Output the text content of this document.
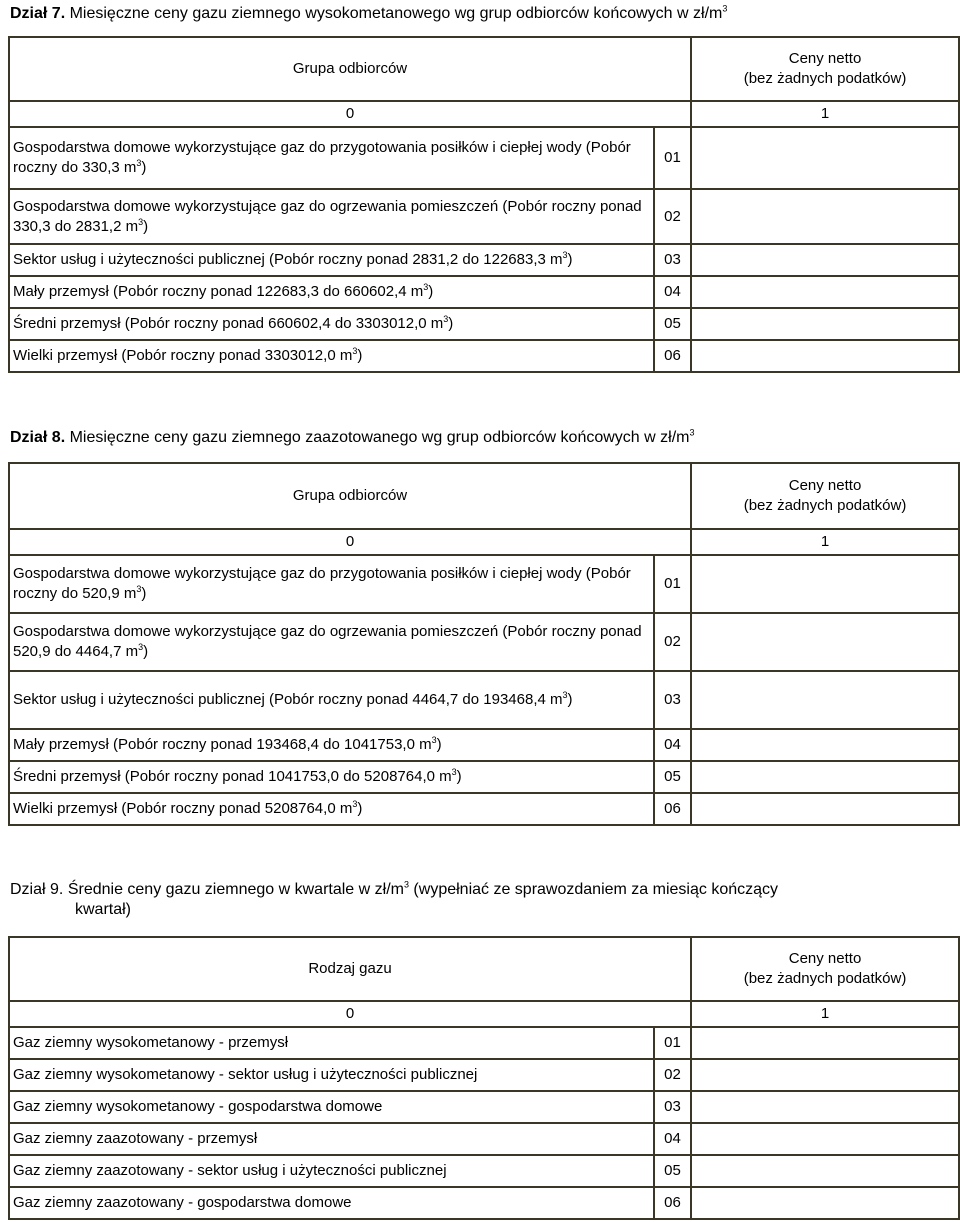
Dział 7. Miesięczne ceny gazu ziemnego wysokometanowego wg grup odbiorców końcowych w $zł/m^3$
Grupa odbiorców		Ceny netto
(bez żadnych podatków)

0		1
Gospodarstwa domowe wykorzystujące gaz do przygotowania posiłków i ciepłej wody (Pobór roczny do 330,3 $m^3$)	01	
Gospodarstwa domowe wykorzystujące gaz do ogrzewania pomieszczeń (Pobór roczny ponad 330,3 do 2831,2 $m^3$)	02	
Sektor usług i użyteczności publicznej (Pobór roczny ponad 2831,2 do 122683,3 $m^3$)	03	
Mały przemysł (Pobór roczny ponad 122683,3 do 660602,4 $m^3$)	04	
Średni przemysł (Pobór roczny ponad 660602,4 do 3303012,0 $m^3$)	05	
Wielki przemysł (Pobór roczny ponad 3303012,0 $m^3$)	06	
Dział 8. Miesięczne ceny gazu ziemnego zaazotowanego wg grup odbiorców końcowych w $zł/m^3$
Grupa odbiorców		Ceny netto
(bez żadnych podatków)

0		1
Gospodarstwa domowe wykorzystujące gaz do przygotowania posiłków i ciepłej wody (Pobór roczny do 520,9 $m^3$)	01	
Gospodarstwa domowe wykorzystujące gaz do ogrzewania pomieszczeń (Pobór roczny ponad 520,9 do 4464,7 $m^3$)	02	
Sektor usług i użyteczności publicznej (Pobór roczny ponad 4464,7 do 193468,4 $m^3$)	03	
Mały przemysł (Pobór roczny ponad 193468,4 do 1041753,0 $m^3$)	04	
Średni przemysł (Pobór roczny ponad 1041753,0 do 5208764,0 $m^3$)	05	
Wielki przemysł (Pobór roczny ponad 5208764,0 $m^3$)	06	
Dział 9. Średnie ceny gazu ziemnego w kwartale w $zł/m^3$ (wypełniać ze sprawozdaniem za miesiąc kończący
kwartał)
Rodzaj gazu		Ceny netto
(bez żadnych podatków)

0		1
Gaz ziemny wysokometanowy - przemysł	01	
Gaz ziemny wysokometanowy - sektor usług i użyteczności publicznej	02	
Gaz ziemny wysokometanowy - gospodarstwa domowe	03	
Gaz ziemny zaazotowany - przemysł	04	
Gaz ziemny zaazotowany - sektor usług i użyteczności publicznej	05	
Gaz ziemny zaazotowany - gospodarstwa domowe	06	
